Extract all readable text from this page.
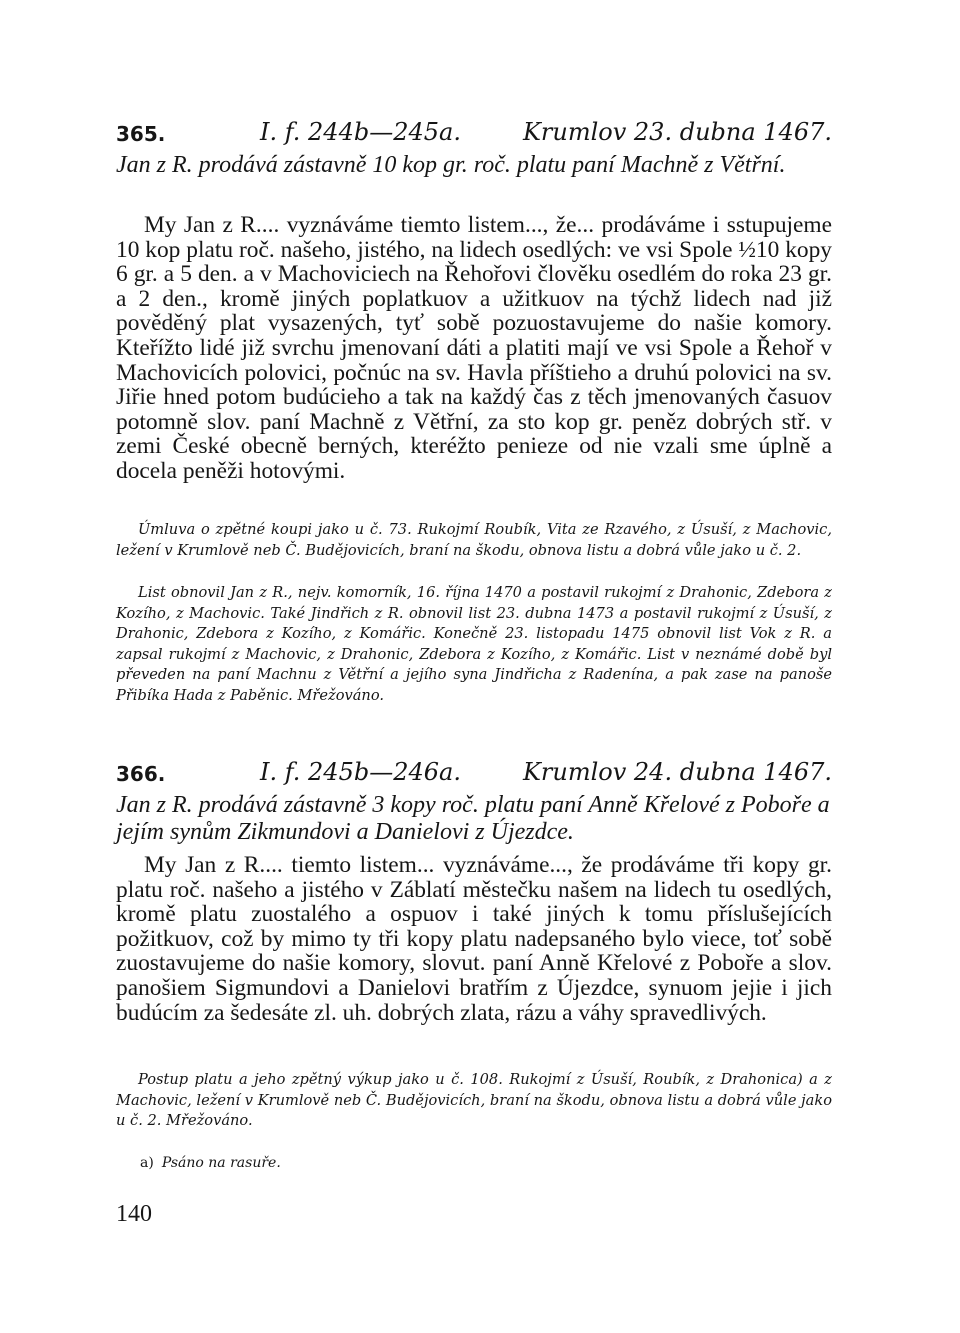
365.	I. f. 244b—245a.	Krumlov 23. dubna 1467.

Jan z R. prodává zástavně 10 kop gr. roč. platu paní Machně z Větřní.

My Jan z R.... vyznáváme tiemto listem..., že... prodáváme i sstupujeme 10 kop platu roč. našeho, jistého, na lidech osedlých: ve vsi Spole ½10 kopy 6 gr. a 5 den. a v Machoviciech na Řehořovi člověku osedlém do roka 23 gr. a 2 den., kromě jiných poplatkuov a užitkuov na týchž lidech nad již pověděný plat vysazených, tyť sobě pozuostavujeme do našie komory. Kteřížto lidé již svrchu jmenovaní dáti a platiti mají ve vsi Spole a Řehoř v Machovicích polovici, počnúc na sv. Havla příštieho a druhú polovici na sv. Jiřie hned potom budúcieho a tak na každý čas z těch jmenovaných časuov potomně slov. paní Machně z Větřní, za sto kop gr. peněz dobrých stř. v zemi České obecně berných, kteréžto penieze od nie vzali sme úplně a docela peněži hotovými.

Úmluva o zpětné koupi jako u č. 73. Rukojmí Roubík, Vita ze Rzavého, z Úsuší, z Machovic, ležení v Krumlově neb Č. Budějovicích, braní na škodu, obnova listu a dobrá vůle jako u č. 2.

List obnovil Jan z R., nejv. komorník, 16. října 1470 a postavil rukojmí z Drahonic, Zdebora z Kozího, z Machovic. Také Jindřich z R. obnovil list 23. dubna 1473 a postavil rukojmí z Úsuší, z Drahonic, Zdebora z Kozího, z Komářic. Konečně 23. listopadu 1475 obnovil list Vok z R. a zapsal rukojmí z Machovic, z Drahonic, Zdebora z Kozího, z Komářic. List v neznámé době byl převeden na paní Machnu z Větřní a jejího syna Jindřicha z Radenína, a pak zase na panoše Přibíka Hada z Paběnic. Mřežováno.

366.	I. f. 245b—246a.	Krumlov 24. dubna 1467.

Jan z R. prodává zástavně 3 kopy roč. platu paní Anně Křelové z Pobořе a jejím synům Zikmundovi a Danielovi z Újezdce.

My Jan z R.... tiemto listem... vyznáváme..., že prodáváme tři kopy gr. platu roč. našeho a jistého v Záblatí městečku našem na lidech tu osedlých, kromě platu zuostalého a ospuov i také jiných k tomu příslušejících požitkuov, což by mimo ty tři kopy platu nadepsaného bylo viece, toť sobě zuostavujeme do našie komory, slovut. paní Anně Křelové z Pobořе a slov. panošiem Sigmundovi a Danielovi bratřím z Újezdce, synuom jejie i jich budúcím za šedesáte zl. uh. dobrých zlata, rázu a váhy spravedlivých.

Postup platu a jeho zpětný výkup jako u č. 108. Rukojmí z Úsuší, Roubík, z Drahonica) a z Machovic, ležení v Krumlově neb Č. Budějovicích, braní na škodu, obnova listu a dobrá vůle jako u č. 2. Mřežováno.

a) Psáno na rasuře.
140
